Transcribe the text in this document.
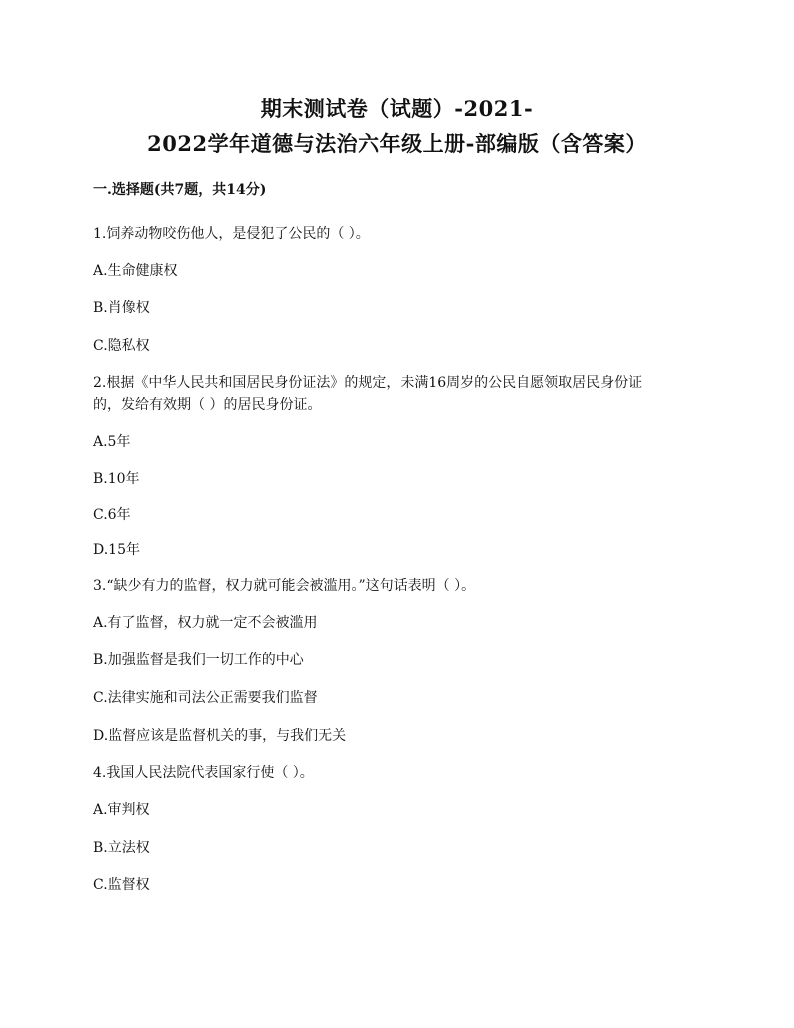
期末测试卷（试题）-2021-
2022学年道德与法治六年级上册-部编版（含答案）
一.选择题(共7题，共14分)
1.饲养动物咬伤他人，是侵犯了公民的（ ）。
A.生命健康权
B.肖像权
C.隐私权
2.根据《中华人民共和国居民身份证法》的规定，未满16周岁的公民自愿领取居民身份证
的，发给有效期（ ）的居民身份证。
A.5年
B.10年
C.6年
D.15年
3.“缺少有力的监督，权力就可能会被滥用。”这句话表明（ ）。
A.有了监督，权力就一定不会被滥用
B.加强监督是我们一切工作的中心
C.法律实施和司法公正需要我们监督
D.监督应该是监督机关的事，与我们无关
4.我国人民法院代表国家行使（ ）。
A.审判权
B.立法权
C.监督权
